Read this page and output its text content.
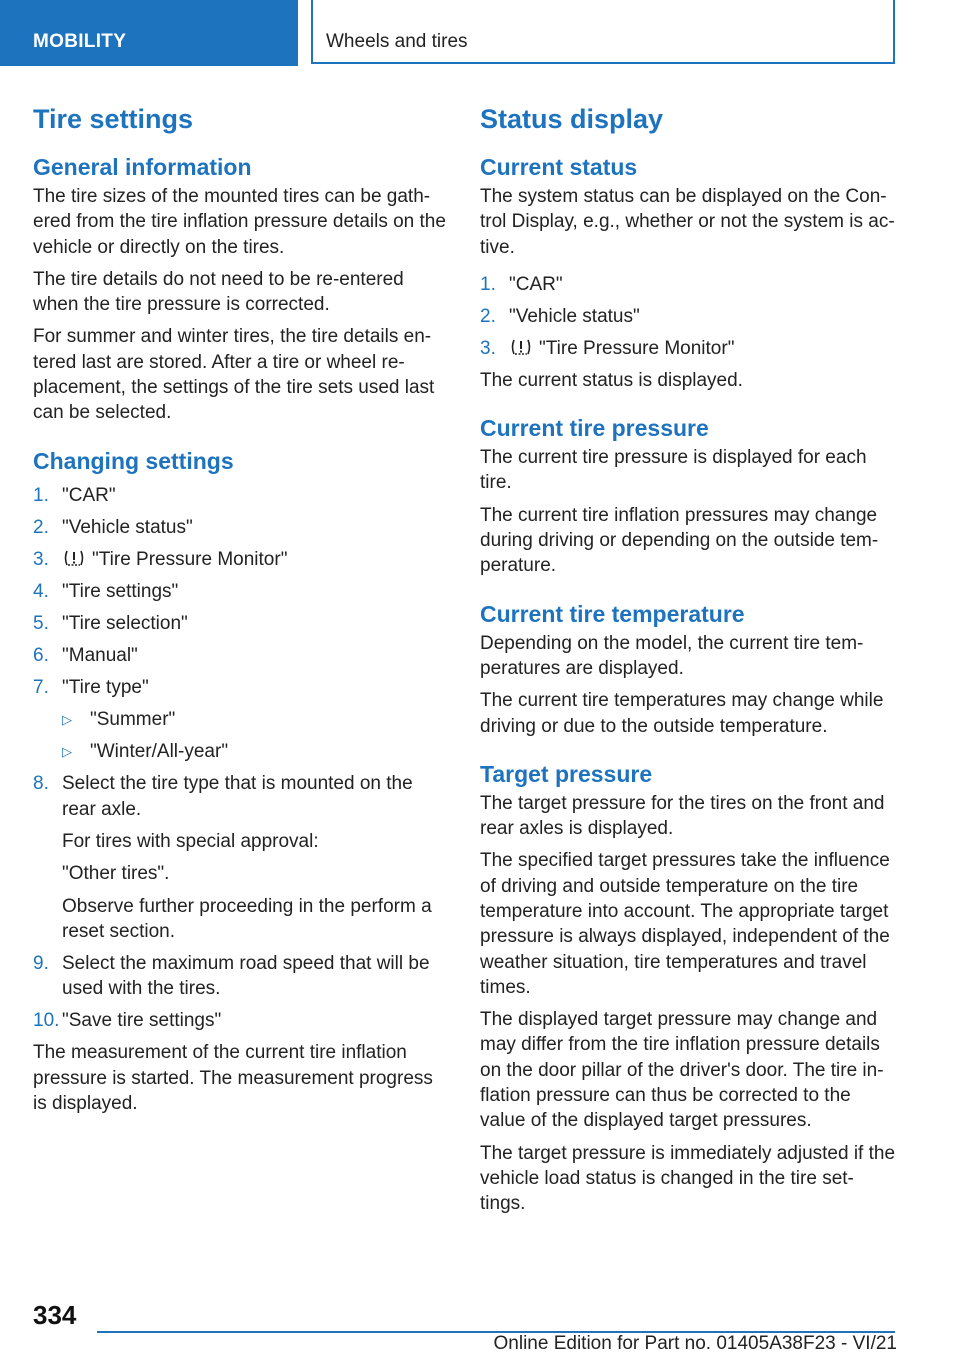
MOBILITY	Wheels and tires
Tire settings
General information

The tire sizes of the mounted tires can be gath-ered from the tire inflation pressure details on the vehicle or directly on the tires.

The tire details do not need to be re-entered when the tire pressure is corrected.

For summer and winter tires, the tire details en-tered last are stored. After a tire or wheel re-placement, the settings of the tire sets used last can be selected.

Changing settings
1. "CAR"
2. "Vehicle status"
3. "Tire Pressure Monitor"
4. "Tire settings"
5. "Tire selection"
6. "Manual"
7. "Tire type"
▷ "Summer"
▷ "Winter/All-year"
8. Select the tire type that is mounted on the rear axle.
For tires with special approval:
"Other tires".
Observe further proceeding in the perform a reset section.
9. Select the maximum road speed that will be used with the tires.
10. "Save tire settings"

The measurement of the current tire inflation pressure is started. The measurement progress is displayed.

Status display
Current status

The system status can be displayed on the Con-trol Display, e.g., whether or not the system is ac-tive.

1. "CAR"
2. "Vehicle status"
3. "Tire Pressure Monitor"

The current status is displayed.

Current tire pressure

The current tire pressure is displayed for each tire.

The current tire inflation pressures may change during driving or depending on the outside tem-perature.

Current tire temperature

Depending on the model, the current tire tem-peratures are displayed.

The current tire temperatures may change while driving or due to the outside temperature.

Target pressure

The target pressure for the tires on the front and rear axles is displayed.

The specified target pressures take the influence of driving and outside temperature on the tire temperature into account. The appropriate target pressure is always displayed, independent of the weather situation, tire temperatures and travel times.

The displayed target pressure may change and may differ from the tire inflation pressure details on the door pillar of the driver's door. The tire in-flation pressure can thus be corrected to the value of the displayed target pressures.

The target pressure is immediately adjusted if the vehicle load status is changed in the tire set-tings.

334
Online Edition for Part no. 01405A38F23 - VI/21
